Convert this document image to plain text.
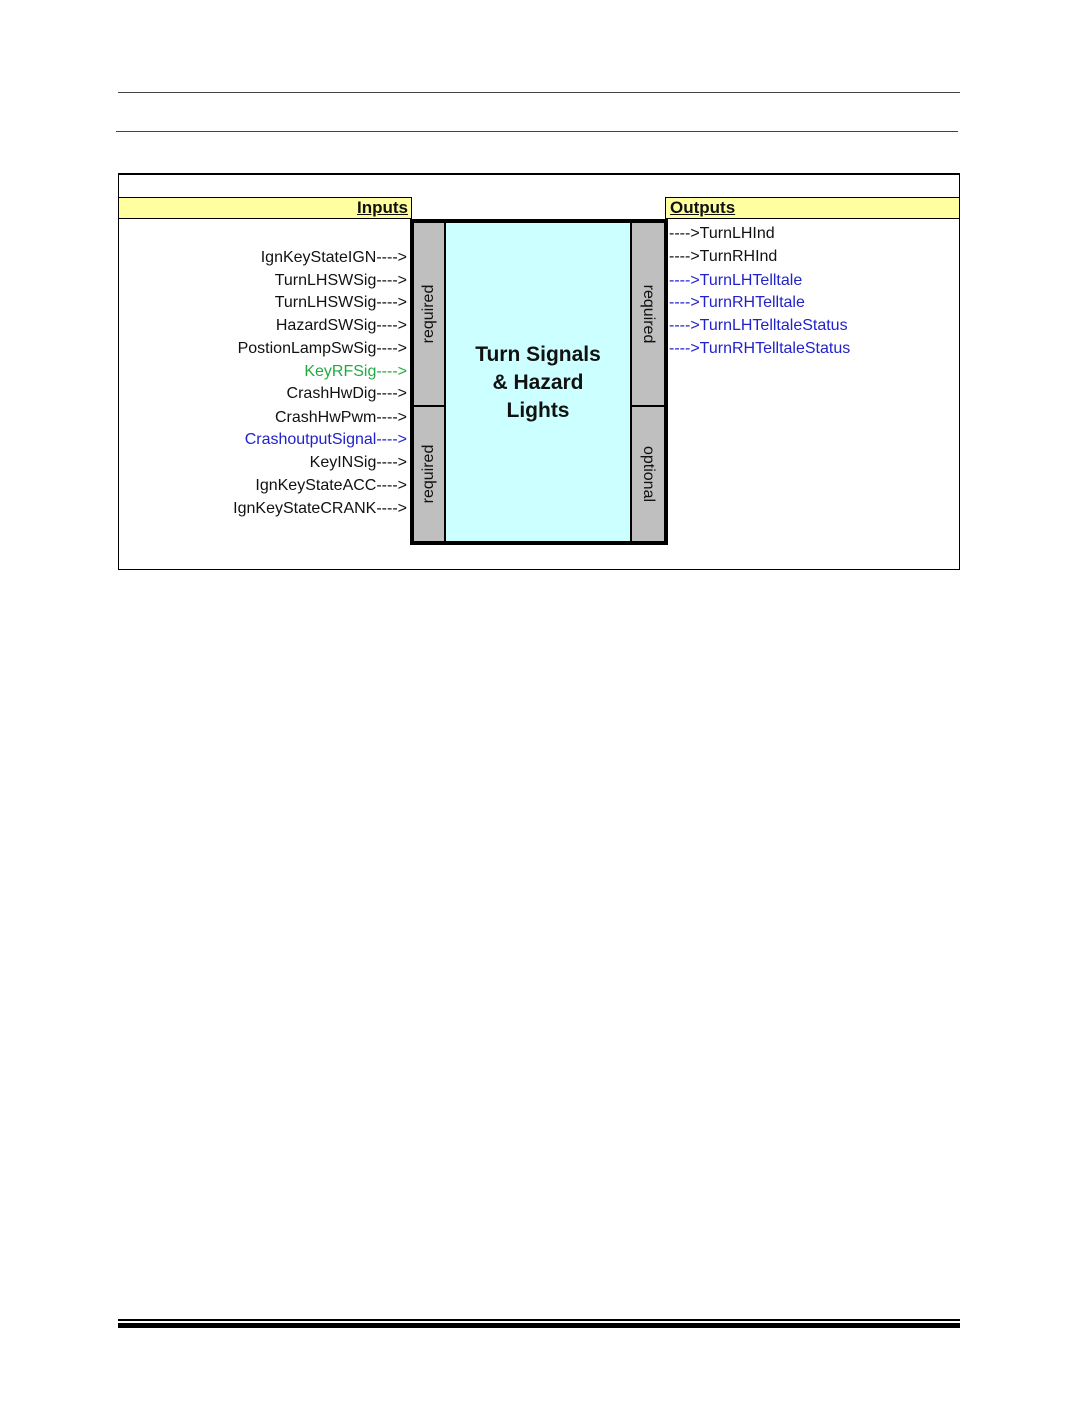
Inputs	Outputs
IgnKeyStateIGN---->
TurnLHSWSig---->
TurnLHSWSig---->
HazardSWSig---->
PostionLampSwSig---->
KeyRFSig---->
CrashHwDig---->
CrashHwPwm---->
CrashoutputSignal---->
KeyINSig---->
IgnKeyStateACC---->
IgnKeyStateCRANK---->
---->TurnLHInd
---->TurnRHInd
---->TurnLHTelltale
---->TurnRHTelltale
---->TurnLHTelltaleStatus
---->TurnRHTelltaleStatus
required
required
required
optional
Turn Signals
& Hazard
Lights
